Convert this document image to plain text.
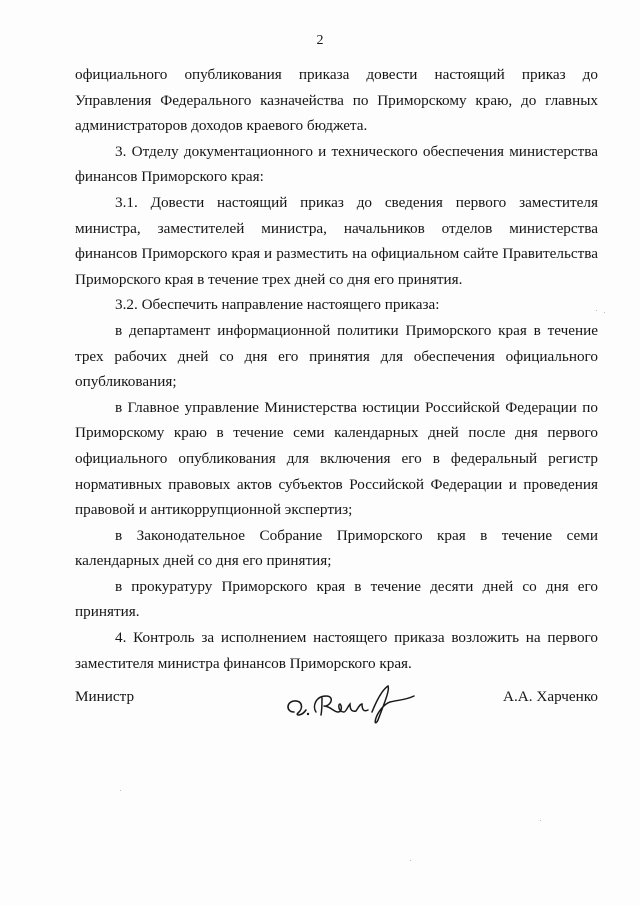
2

официального опубликования приказа довести настоящий приказ до Управления Федерального казначейства по Приморскому краю, до главных администраторов доходов краевого бюджета.

3. Отделу документационного и технического обеспечения министерства финансов Приморского края:

3.1. Довести настоящий приказ до сведения первого заместителя министра, заместителей министра, начальников отделов министерства финансов Приморского края и разместить на официальном сайте Правительства Приморского края в течение трех дней со дня его принятия.

3.2. Обеспечить направление настоящего приказа:

в департамент информационной политики Приморского края в течение трех рабочих дней со дня его принятия для обеспечения официального опубликования;

в Главное управление Министерства юстиции Российской Федерации по Приморскому краю в течение семи календарных дней после дня первого официального опубликования для включения его в федеральный регистр нормативных правовых актов субъектов Российской Федерации и проведения правовой и антикоррупционной экспертиз;

в Законодательное Собрание Приморского края в течение семи календарных дней со дня его принятия;

в прокуратуру Приморского края в течение десяти дней со дня его принятия.

4. Контроль за исполнением настоящего приказа возложить на первого заместителя министра финансов Приморского края.

Министр	А.А. Харченко
